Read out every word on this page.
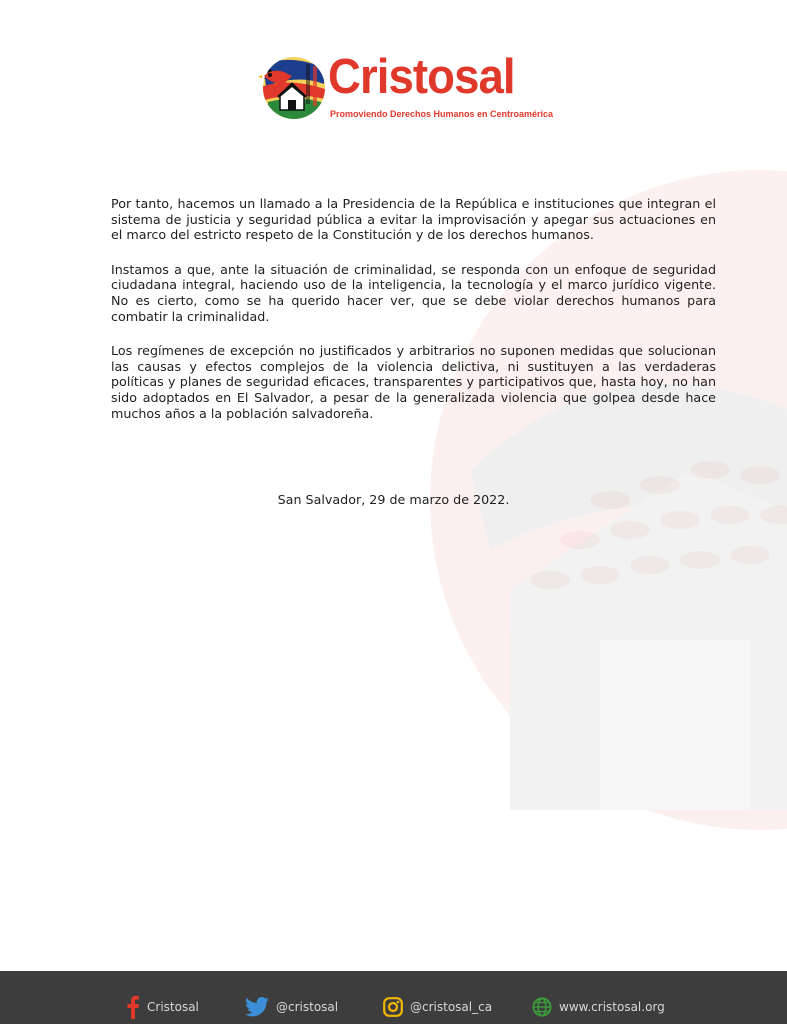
Cristosal
Promoviendo Derechos Humanos en Centroamérica

Por tanto, hacemos un llamado a la Presidencia de la República e instituciones que integran el sistema de justicia y seguridad pública a evitar la improvisación y apegar sus actuaciones en el marco del estricto respeto de la Constitución y de los derechos humanos.

Instamos a que, ante la situación de criminalidad, se responda con un enfoque de seguridad ciudadana integral, haciendo uso de la inteligencia, la tecnología y el marco jurídico vigente. No es cierto, como se ha querido hacer ver, que se debe violar derechos humanos para combatir la criminalidad.

Los regímenes de excepción no justificados y arbitrarios no suponen medidas que solucionan las causas y efectos complejos de la violencia delictiva, ni sustituyen a las verdaderas políticas y planes de seguridad eficaces, transparentes y participativos que, hasta hoy, no han sido adoptados en El Salvador, a pesar de la generalizada violencia que golpea desde hace muchos años a la población salvadoreña.

San Salvador, 29 de marzo de 2022.
Cristosal	@cristosal	@cristosal_ca	www.cristosal.org
